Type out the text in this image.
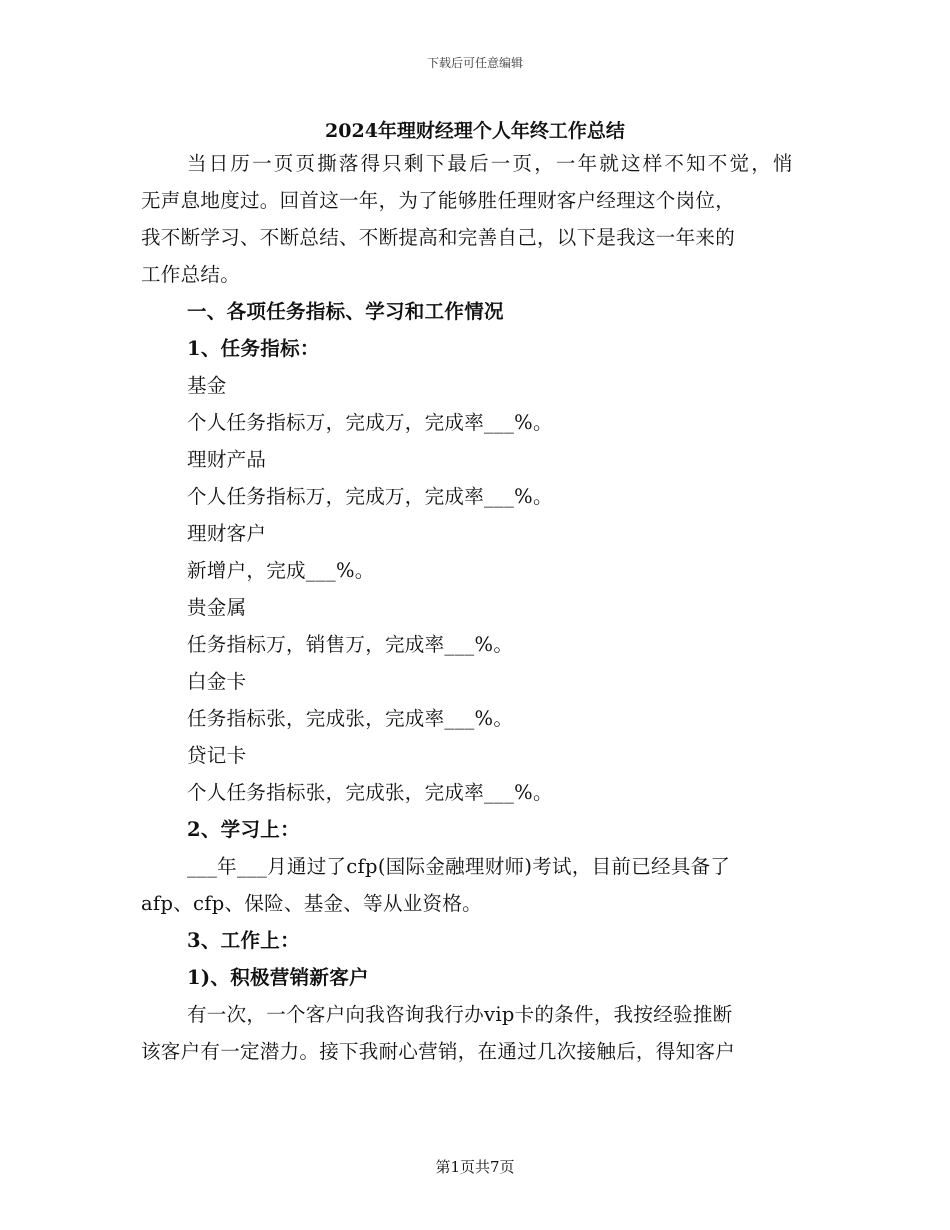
下载后可任意编辑
2024年理财经理个人年终工作总结
当日历一页页撕落得只剩下最后一页，一年就这样不知不觉，悄
无声息地度过。回首这一年，为了能够胜任理财客户经理这个岗位，
我不断学习、不断总结、不断提高和完善自己，以下是我这一年来的
工作总结。
一、各项任务指标、学习和工作情况
1、任务指标：
基金
个人任务指标万，完成万，完成率___%。
理财产品
个人任务指标万，完成万，完成率___%。
理财客户
新增户，完成___%。
贵金属
任务指标万，销售万，完成率___%。
白金卡
任务指标张，完成张，完成率___%。
贷记卡
个人任务指标张，完成张，完成率___%。
2、学习上：
___年___月通过了cfp(国际金融理财师)考试，目前已经具备了
afp、cfp、保险、基金、等从业资格。
3、工作上：
1)、积极营销新客户
有一次，一个客户向我咨询我行办vip卡的条件，我按经验推断
该客户有一定潜力。接下我耐心营销，在通过几次接触后，得知客户
第1页共7页
